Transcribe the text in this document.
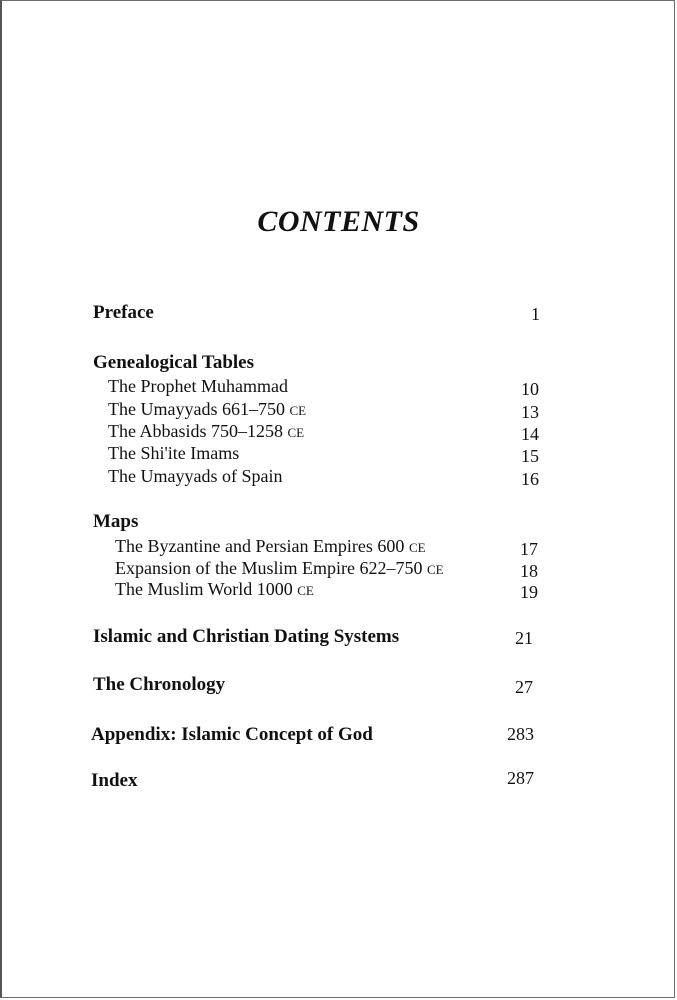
CONTENTS
Preface	1
Genealogical Tables
The Prophet Muhammad	10
The Umayyads 661–750 CE	13
The Abbasids 750–1258 CE	14
The Shi'ite Imams	15
The Umayyads of Spain	16
Maps
The Byzantine and Persian Empires 600 CE	17
Expansion of the Muslim Empire 622–750 CE	18
The Muslim World 1000 CE	19
Islamic and Christian Dating Systems	21
The Chronology	27
Appendix: Islamic Concept of God	283
Index	287
